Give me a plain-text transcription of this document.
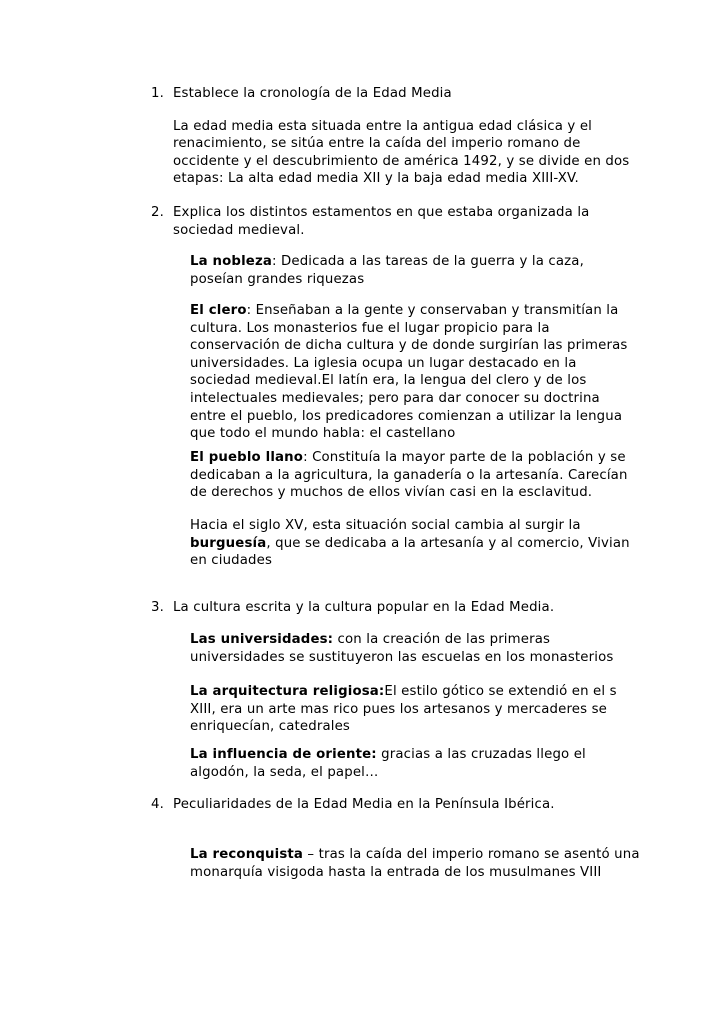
1. Establece la cronología de la Edad Media

La edad media esta situada entre la antigua edad clásica y el renacimiento, se sitúa entre la caída del imperio romano de occidente y el descubrimiento de américa 1492, y se divide en dos etapas: La alta edad media XII y la baja edad media XIII-XV.

2. Explica los distintos estamentos en que estaba organizada la sociedad medieval.

La nobleza: Dedicada a las tareas de la guerra y la caza, poseían grandes riquezas

El clero: Enseñaban a la gente y conservaban y transmitían la cultura. Los monasterios fue el lugar propicio para la conservación de dicha cultura y de donde surgirían las primeras universidades. La iglesia ocupa un lugar destacado en la sociedad medieval.El latín era, la lengua del clero y de los intelectuales medievales; pero para dar conocer su doctrina entre el pueblo, los predicadores comienzan a utilizar la lengua que todo el mundo habla: el castellano

El pueblo llano: Constituía la mayor parte de la población y se dedicaban a la agricultura, la ganadería o la artesanía. Carecían de derechos y muchos de ellos vivían casi en la esclavitud.

Hacia el siglo XV, esta situación social cambia al surgir la burguesía, que se dedicaba a la artesanía y al comercio, Vivian en ciudades

3. La cultura escrita y la cultura popular en la Edad Media.

Las universidades: con la creación de las primeras universidades se sustituyeron las escuelas en los monasterios

La arquitectura religiosa:El estilo gótico se extendió en el s XIII, era un arte mas rico pues los artesanos y mercaderes se enriquecían, catedrales

La influencia de oriente: gracias a las cruzadas llego el algodón, la seda, el papel…

4. Peculiaridades de la Edad Media en la Península Ibérica.

La reconquista – tras la caída del imperio romano se asentó una monarquía visigoda hasta la entrada de los musulmanes VIII
